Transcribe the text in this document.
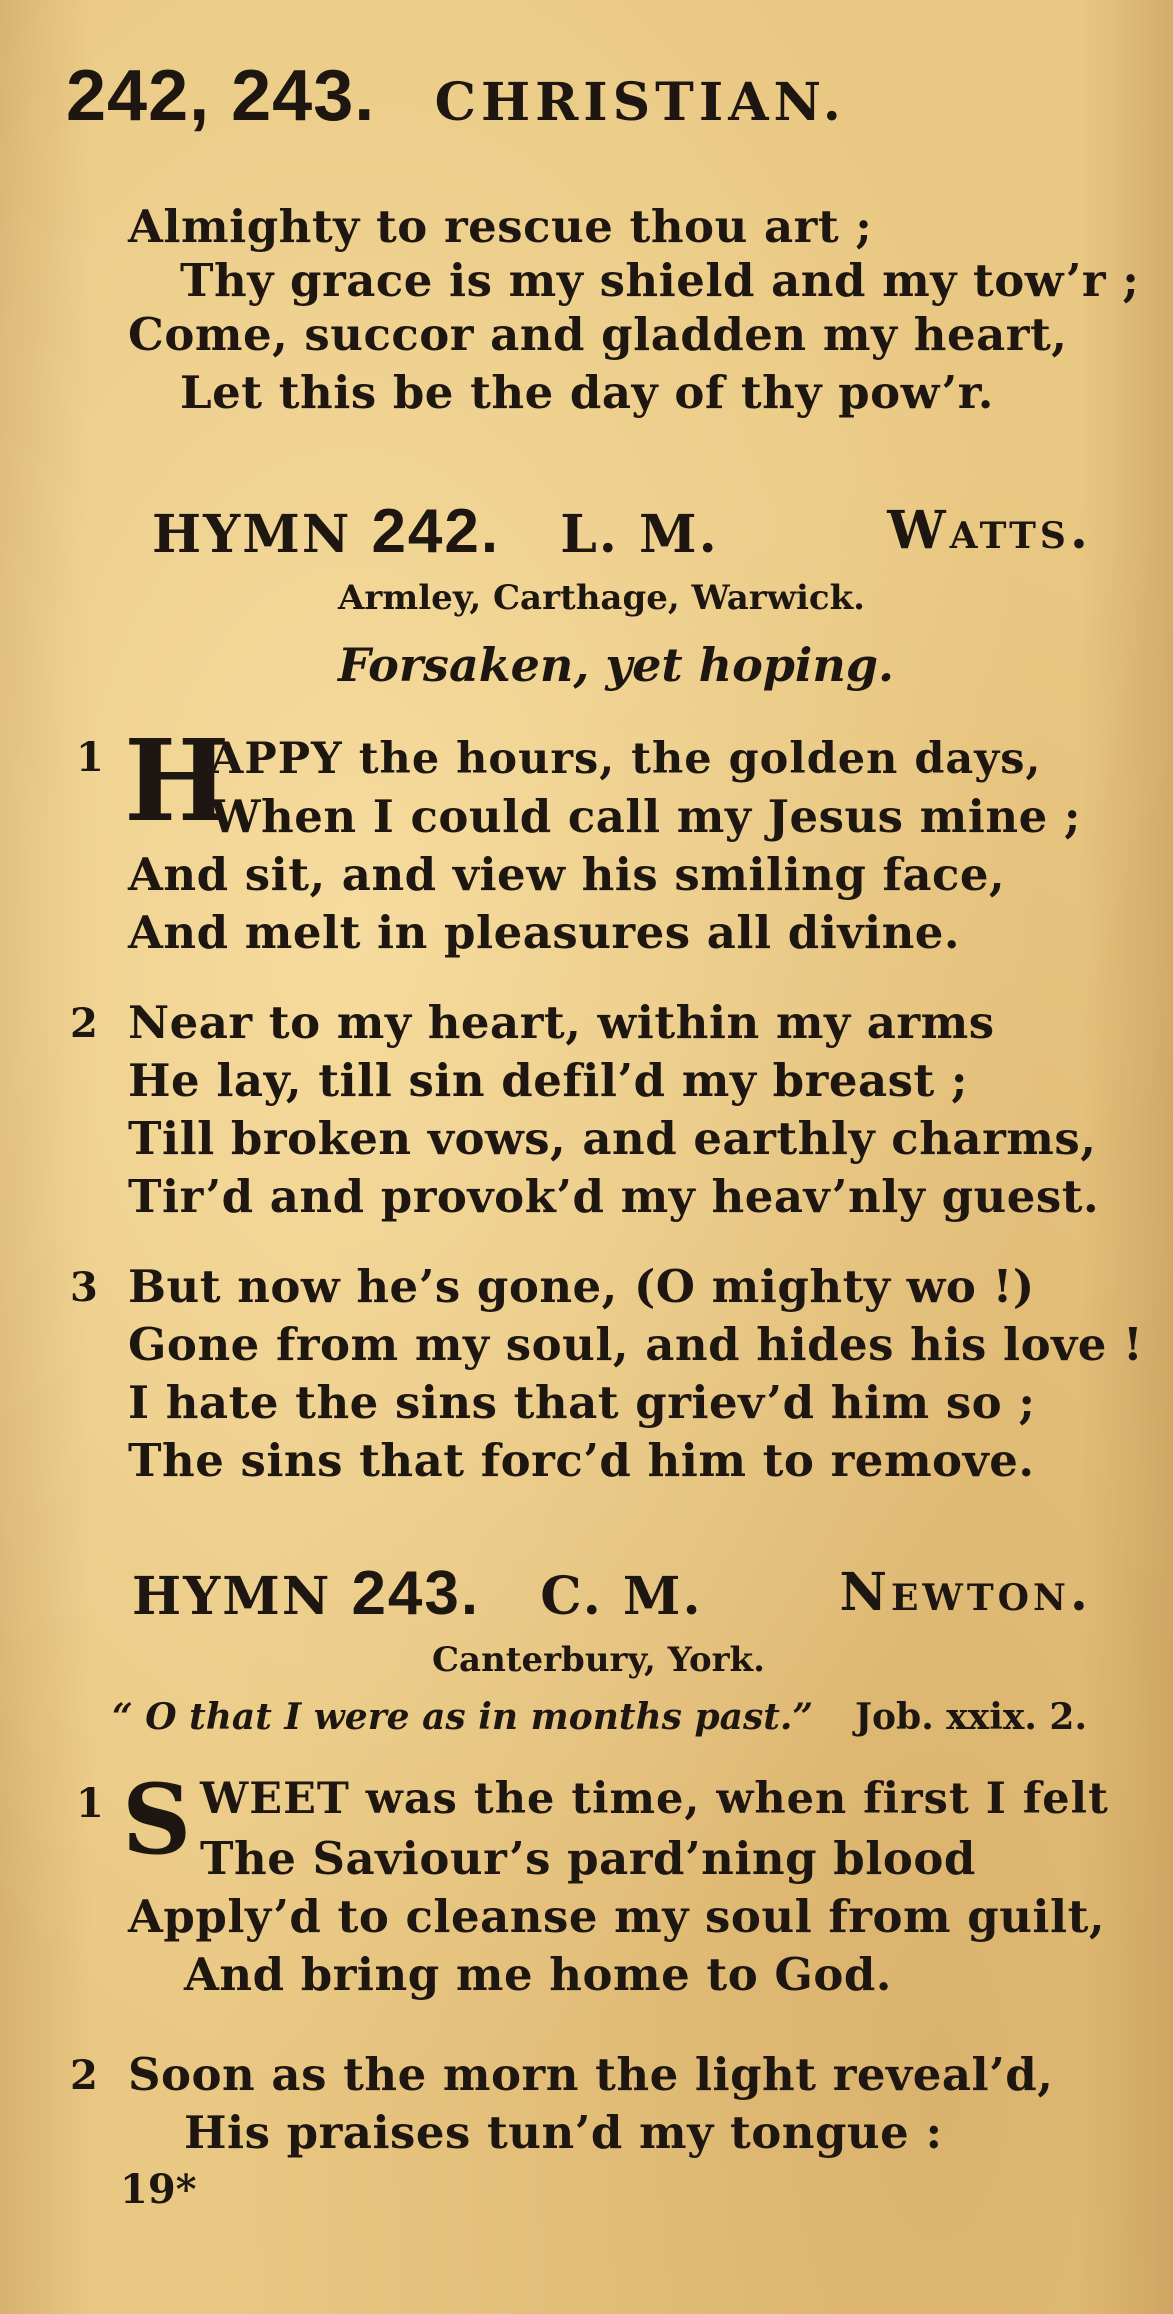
242, 243. CHRISTIAN.
Almighty to rescue thou art ;
Thy grace is my shield and my tow’r ;
Come, succor and gladden my heart,
Let this be the day of thy pow’r.
HYMN 242. L. M.	Watts.
Armley, Carthage, Warwick.
Forsaken, yet hoping.
1 H
APPY the hours, the golden days,
When I could call my Jesus mine ;
And sit, and view his smiling face,
And melt in pleasures all divine.
2 Near to my heart, within my arms
He lay, till sin defil’d my breast ;
Till broken vows, and earthly charms,
Tir’d and provok’d my heav’nly guest.
3 But now he’s gone, (O mighty wo !)
Gone from my soul, and hides his love !
I hate the sins that griev’d him so ;
The sins that forc’d him to remove.
HYMN 243. C. M.	Newton.
Canterbury, York.
“ O that I were as in months past.” Job. xxix. 2.
1 S WEET was the time, when first I felt
The Saviour’s pard’ning blood
Apply’d to cleanse my soul from guilt,
And bring me home to God.
2 Soon as the morn the light reveal’d,
His praises tun’d my tongue :
19*
